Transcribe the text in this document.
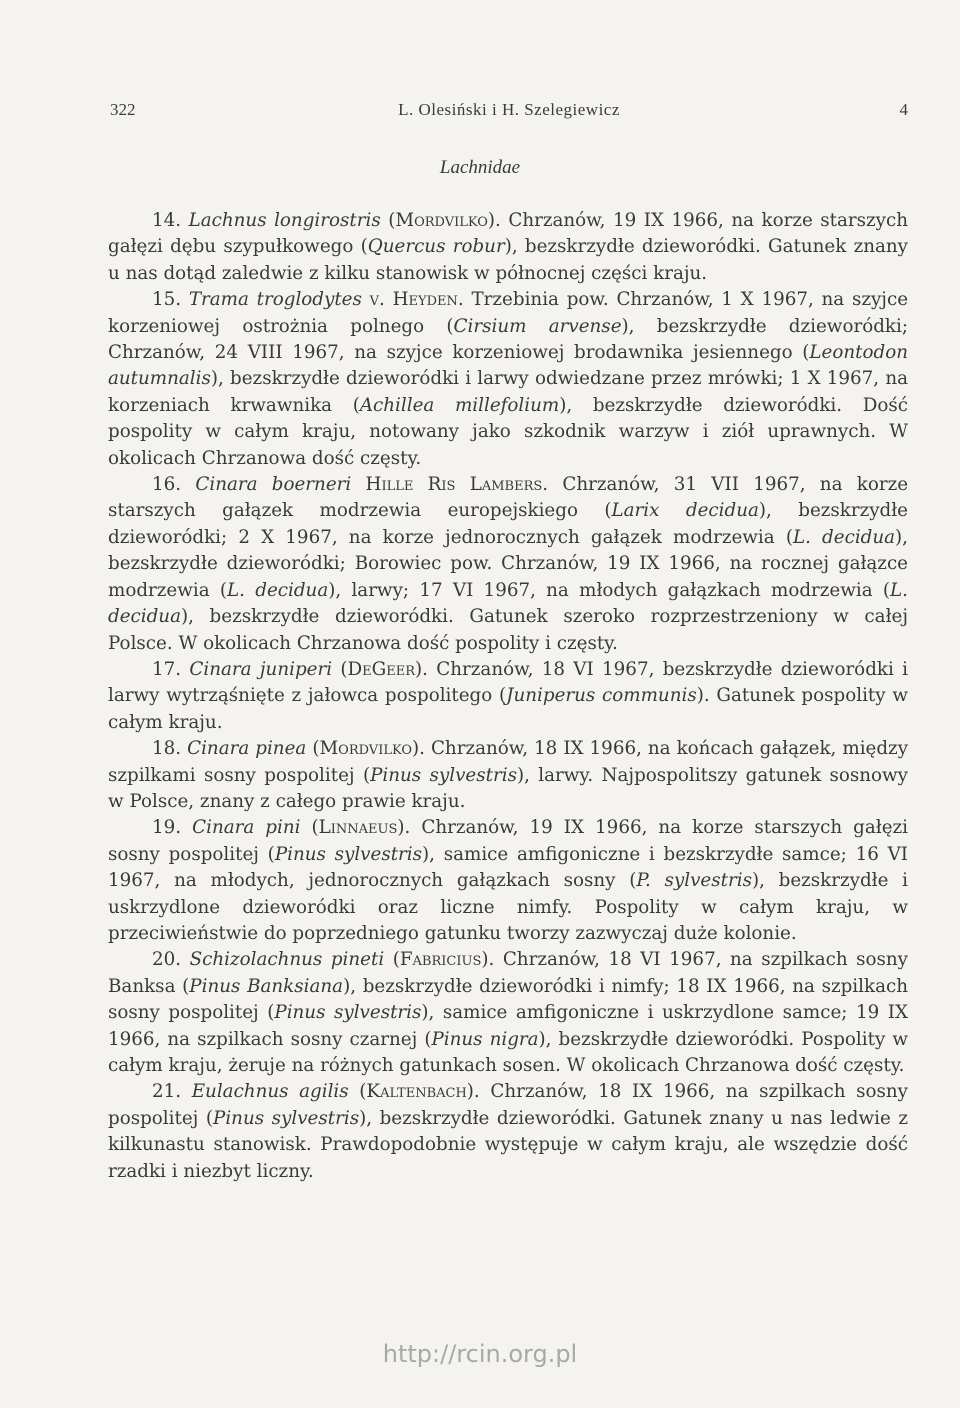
322	L. Olesiński i H. Szelegiewicz	4
Lachnidae

14. Lachnus longirostris (Mordvilko). Chrzanów, 19 IX 1966, na korze starszych gałęzi dębu szypułkowego (Quercus robur), bezskrzydłe dzieworódki. Gatunek znany u nas dotąd zaledwie z kilku stanowisk w północnej części kraju.

15. Trama troglodytes v. Heyden. Trzebinia pow. Chrzanów, 1 X 1967, na szyjce korzeniowej ostrożnia polnego (Cirsium arvense), bezskrzydłe dzieworódki; Chrzanów, 24 VIII 1967, na szyjce korzeniowej brodawnika jesiennego (Leontodon autumnalis), bezskrzydłe dzieworódki i larwy odwiedzane przez mrówki; 1 X 1967, na korzeniach krwawnika (Achillea millefolium), bezskrzydłe dzieworódki. Dość pospolity w całym kraju, notowany jako szkodnik warzyw i ziół uprawnych. W okolicach Chrzanowa dość częsty.

16. Cinara boerneri Hille Ris Lambers. Chrzanów, 31 VII 1967, na korze starszych gałązek modrzewia europejskiego (Larix decidua), bezskrzydłe dzieworódki; 2 X 1967, na korze jednorocznych gałązek modrzewia (L. decidua), bezskrzydłe dzieworódki; Borowiec pow. Chrzanów, 19 IX 1966, na rocznej gałązce modrzewia (L. decidua), larwy; 17 VI 1967, na młodych gałązkach modrzewia (L. decidua), bezskrzydłe dzieworódki. Gatunek szeroko rozprzestrzeniony w całej Polsce. W okolicach Chrzanowa dość pospolity i częsty.

17. Cinara juniperi (DeGeer). Chrzanów, 18 VI 1967, bezskrzydłe dzieworódki i larwy wytrząśnięte z jałowca pospolitego (Juniperus communis). Gatunek pospolity w całym kraju.

18. Cinara pinea (Mordvilko). Chrzanów, 18 IX 1966, na końcach gałązek, między szpilkami sosny pospolitej (Pinus sylvestris), larwy. Najpospolitszy gatunek sosnowy w Polsce, znany z całego prawie kraju.

19. Cinara pini (Linnaeus). Chrzanów, 19 IX 1966, na korze starszych gałęzi sosny pospolitej (Pinus sylvestris), samice amfigoniczne i bezskrzydłe samce; 16 VI 1967, na młodych, jednorocznych gałązkach sosny (P. sylvestris), bezskrzydłe i uskrzydlone dzieworódki oraz liczne nimfy. Pospolity w całym kraju, w przeciwieństwie do poprzedniego gatunku tworzy zazwyczaj duże kolonie.

20. Schizolachnus pineti (Fabricius). Chrzanów, 18 VI 1967, na szpilkach sosny Banksa (Pinus Banksiana), bezskrzydłe dzieworódki i nimfy; 18 IX 1966, na szpilkach sosny pospolitej (Pinus sylvestris), samice amfigoniczne i uskrzydlone samce; 19 IX 1966, na szpilkach sosny czarnej (Pinus nigra), bezskrzydłe dzieworódki. Pospolity w całym kraju, żeruje na różnych gatunkach sosen. W okolicach Chrzanowa dość częsty.

21. Eulachnus agilis (Kaltenbach). Chrzanów, 18 IX 1966, na szpilkach sosny pospolitej (Pinus sylvestris), bezskrzydłe dzieworódki. Gatunek znany u nas ledwie z kilkunastu stanowisk. Prawdopodobnie występuje w całym kraju, ale wszędzie dość rzadki i niezbyt liczny.

http://rcin.org.pl
